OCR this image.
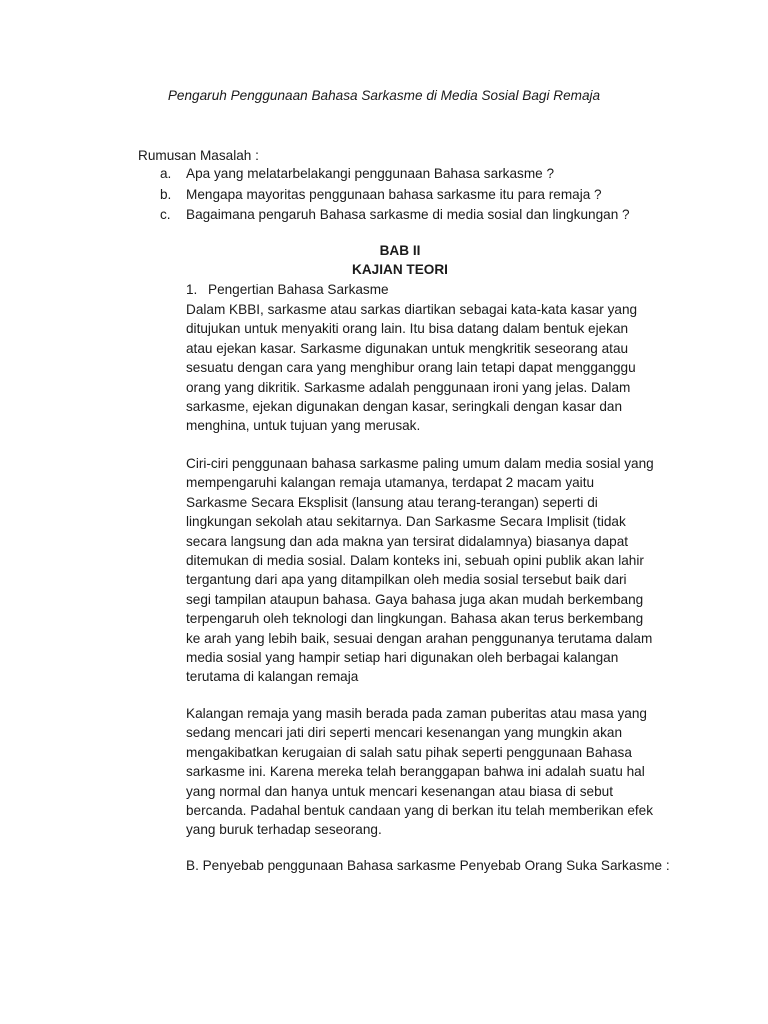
Pengaruh Penggunaan Bahasa Sarkasme di Media Sosial Bagi Remaja
Rumusan Masalah :
a.	Apa yang melatarbelakangi penggunaan Bahasa sarkasme ?
b.	Mengapa mayoritas penggunaan bahasa sarkasme itu para remaja ?
c.	Bagaimana pengaruh Bahasa sarkasme di media sosial dan lingkungan ?
BAB II
KAJIAN TEORI
1. Pengertian Bahasa Sarkasme
Dalam KBBI, sarkasme atau sarkas diartikan sebagai kata-kata kasar yang
ditujukan untuk menyakiti orang lain. Itu bisa datang dalam bentuk ejekan
atau ejekan kasar. Sarkasme digunakan untuk mengkritik seseorang atau
sesuatu dengan cara yang menghibur orang lain tetapi dapat mengganggu
orang yang dikritik. Sarkasme adalah penggunaan ironi yang jelas. Dalam
sarkasme, ejekan digunakan dengan kasar, seringkali dengan kasar dan
menghina, untuk tujuan yang merusak.
Ciri-ciri penggunaan bahasa sarkasme paling umum dalam media sosial yang
mempengaruhi kalangan remaja utamanya, terdapat 2 macam yaitu
Sarkasme Secara Eksplisit (lansung atau terang-terangan) seperti di
lingkungan sekolah atau sekitarnya. Dan Sarkasme Secara Implisit (tidak
secara langsung dan ada makna yan tersirat didalamnya) biasanya dapat
ditemukan di media sosial. Dalam konteks ini, sebuah opini publik akan lahir
tergantung dari apa yang ditampilkan oleh media sosial tersebut baik dari
segi tampilan ataupun bahasa. Gaya bahasa juga akan mudah berkembang
terpengaruh oleh teknologi dan lingkungan. Bahasa akan terus berkembang
ke arah yang lebih baik, sesuai dengan arahan penggunanya terutama dalam
media sosial yang hampir setiap hari digunakan oleh berbagai kalangan
terutama di kalangan remaja
Kalangan remaja yang masih berada pada zaman puberitas atau masa yang
sedang mencari jati diri seperti mencari kesenangan yang mungkin akan
mengakibatkan kerugaian di salah satu pihak seperti penggunaan Bahasa
sarkasme ini. Karena mereka telah beranggapan bahwa ini adalah suatu hal
yang normal dan hanya untuk mencari kesenangan atau biasa di sebut
bercanda. Padahal bentuk candaan yang di berkan itu telah memberikan efek
yang buruk terhadap seseorang.
B. Penyebab penggunaan Bahasa sarkasme Penyebab Orang Suka Sarkasme :
